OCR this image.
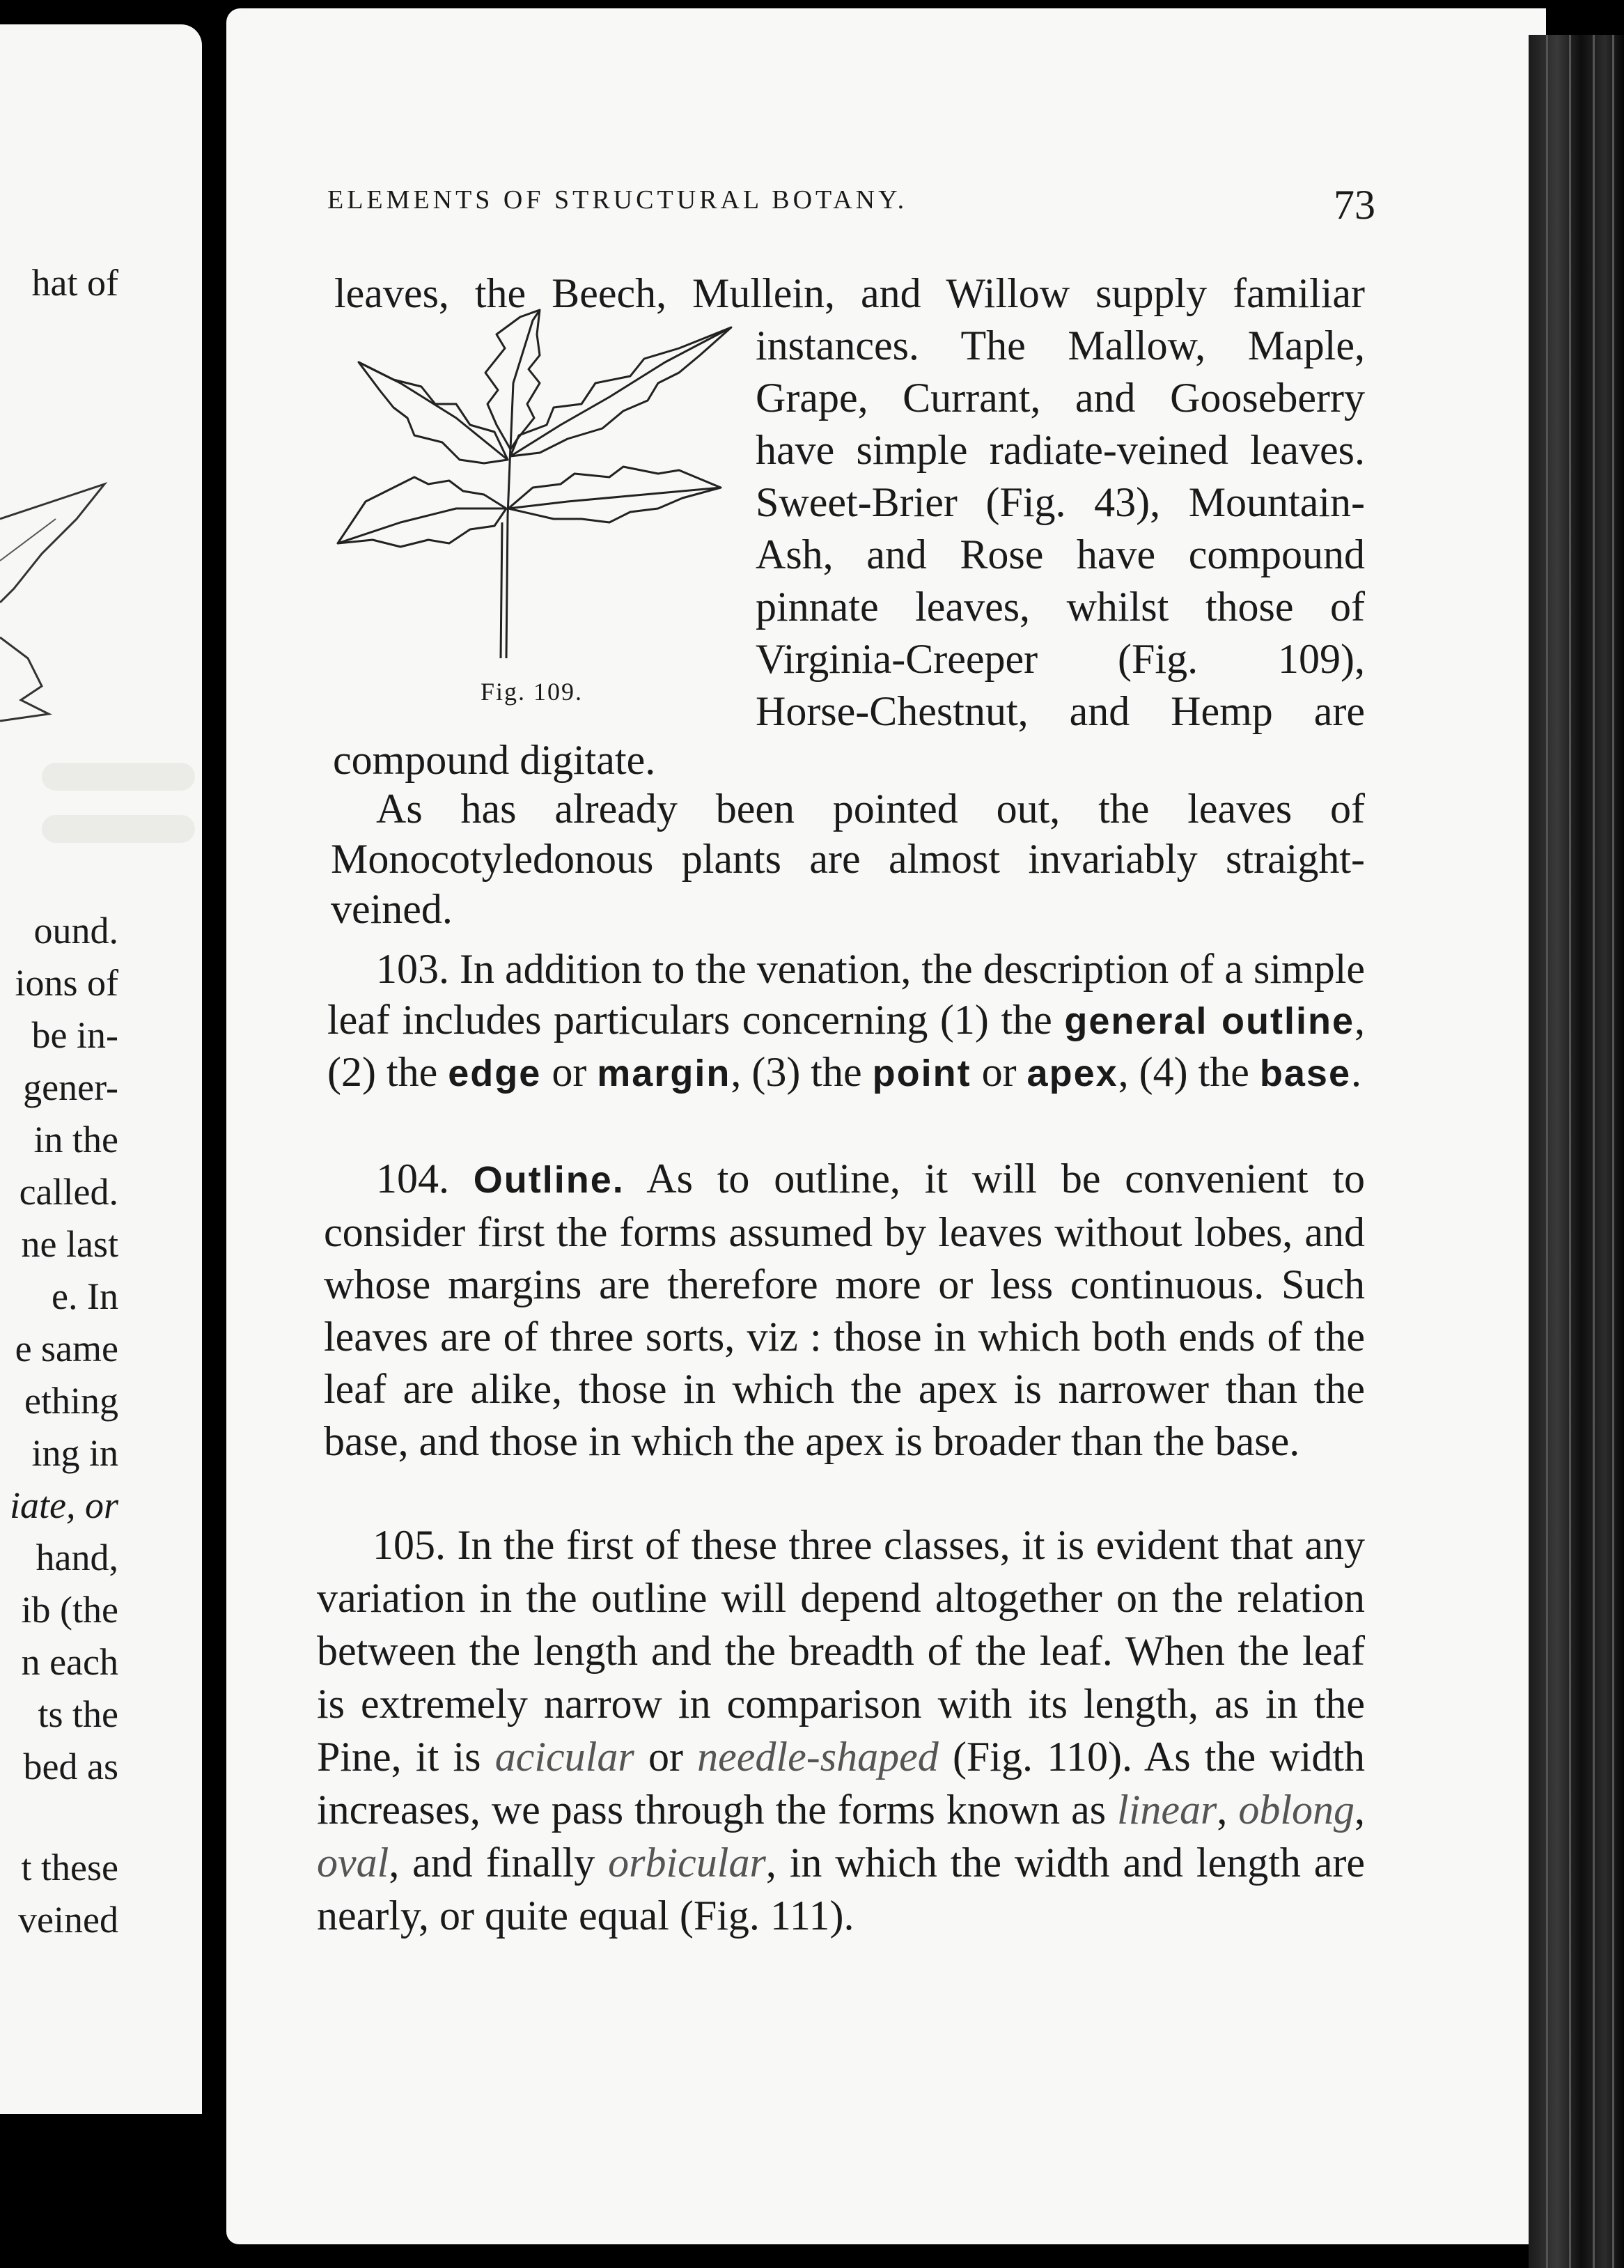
hat of
ound.
ions of
be in-
gener-
in the
called.
ne last
e. In
e same
ething
ing in
iate, or
hand,
ib (the
n each
ts the
bed as
t these
veined
ELEMENTS OF STRUCTURAL BOTANY.	73
Fig. 109.
leaves, the Beech, Mullein, and Willow supply familiar
instances. The Mallow, Maple,
Grape, Currant, and Gooseberry
have simple radiate-veined leaves.
Sweet-Brier (Fig. 43), Mountain-
Ash, and Rose have compound
pinnate leaves, whilst those of
Virginia-Creeper (Fig. 109),
Horse-Chestnut, and Hemp are
compound digitate.
As has already been pointed out, the leaves of Monocotyledonous plants are almost invariably straight-veined.
103. In addition to the venation, the description of a simple leaf includes particulars concerning (1) the general outline, (2) the edge or margin, (3) the point or apex, (4) the base.
104. Outline. As to outline, it will be convenient to consider first the forms assumed by leaves without lobes, and whose margins are therefore more or less continuous. Such leaves are of three sorts, viz : those in which both ends of the leaf are alike, those in which the apex is narrower than the base, and those in which the apex is broader than the base.
105. In the first of these three classes, it is evident that any variation in the outline will depend altogether on the relation between the length and the breadth of the leaf. When the leaf is extremely narrow in comparison with its length, as in the Pine, it is acicular or needle-shaped (Fig. 110). As the width increases, we pass through the forms known as linear, oblong, oval, and finally orbicular, in which the width and length are nearly, or quite equal (Fig. 111).
